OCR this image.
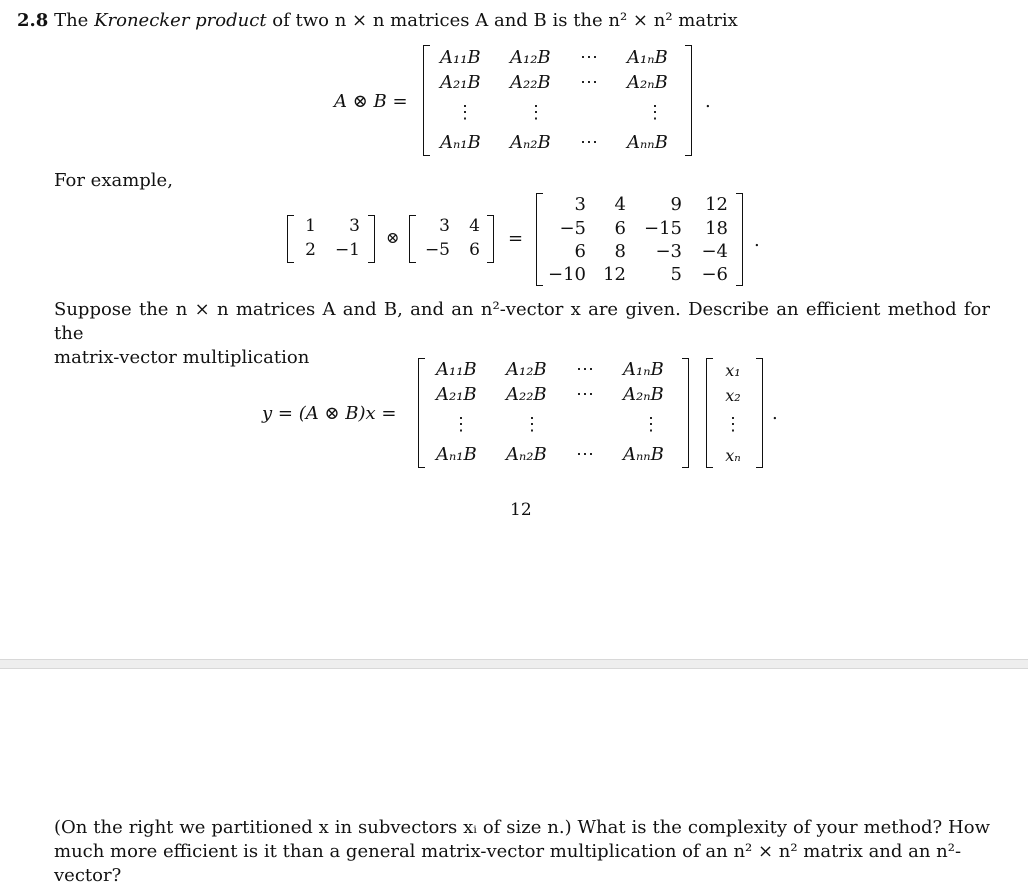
2.8 The Kronecker product of two n × n matrices A and B is the n² × n² matrix
A ⊗ B =
A₁₁B A₁₂B ⋯ A₁ₙB
A₂₁B A₂₂B ⋯ A₂ₙB
⋮	⋮	⋮
Aₙ₁B Aₙ₂B ⋯ AₙₙB
.
For example,
1	3
2 −1
⊗
3	4
−5	6
=
3	4	9	12
−5	6	−15	18
6	8	−3	−4
−10 12	5	−6
.
Suppose the n × n matrices A and B, and an n²-vector x are given. Describe an efficient method for the
matrix-vector multiplication
y = (A ⊗ B)x =
A₁₁B A₁₂B ⋯ A₁ₙB
A₂₁B A₂₂B ⋯ A₂ₙB
⋮	⋮	⋮
Aₙ₁B Aₙ₂B ⋯ AₙₙB
x₁
x₂
⋮
xₙ
.
12
(On the right we partitioned x in subvectors xᵢ of size n.) What is the complexity of your method? How
much more efficient is it than a general matrix-vector multiplication of an n² × n² matrix and an n²-vector?
